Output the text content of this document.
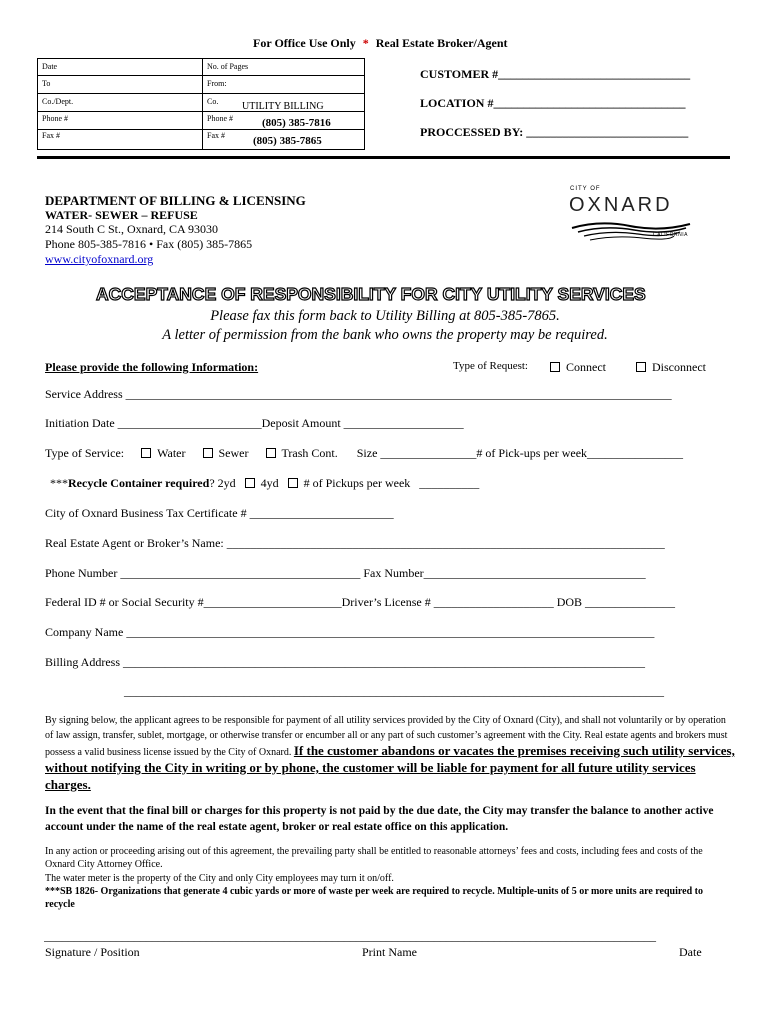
For Office Use Only * Real Estate Broker/Agent
Date	No. of Pages
To	From:
Co./Dept.	Co. UTILITY BILLING
Phone #	Phone #	(805) 385-7816
Fax #	Fax #	(805) 385-7865
CUSTOMER #________________________________
LOCATION #________________________________
PROCCESSED BY: ___________________________
DEPARTMENT OF BILLING & LICENSING
WATER- SEWER – REFUSE
214 South C St., Oxnard, CA 93030
Phone 805-385-7816 • Fax (805) 385-7865
www.cityofoxnard.org
CITY OF
OXNARD
CALIFORNIA
ACCEPTANCE OF RESPONSIBILITY FOR CITY UTILITY SERVICES
Please fax this form back to Utility Billing at 805-385-7865.
A letter of permission from the bank who owns the property may be required.
Please provide the following Information:	Type of Request:	Connect	Disconnect
Service Address ___________________________________________________________________________________________
Initiation Date ________________________Deposit Amount ____________________
Type of Service:	Water	Sewer	Trash Cont. Size ________________# of Pick-ups per week________________
***Recycle Container required? 2yd 4yd # of Pickups per week __________
City of Oxnard Business Tax Certificate # ________________________
Real Estate Agent or Broker’s Name: _________________________________________________________________________
Phone Number ________________________________________ Fax Number_____________________________________
Federal ID # or Social Security #_______________________Driver’s License # ____________________ DOB _______________
Company Name ________________________________________________________________________________________
Billing Address _______________________________________________________________________________________
__________________________________________________________________________________________
By signing below, the applicant agrees to be responsible for payment of all utility services provided by the City of Oxnard (City), and shall not voluntarily or by operation of law assign, transfer, sublet, mortgage, or otherwise transfer or encumber all or any part of such customer’s agreement with the City. Real estate agents and brokers must possess a valid business license issued by the City of Oxnard. If the customer abandons or vacates the premises receiving such utility services, without notifying the City in writing or by phone, the customer will be liable for payment for all future utility services charges.
In the event that the final bill or charges for this property is not paid by the due date, the City may transfer the balance to another active account under the name of the real estate agent, broker or real estate office on this application.
In any action or proceeding arising out of this agreement, the prevailing party shall be entitled to reasonable attorneys’ fees and costs, including fees and costs of the Oxnard City Attorney Office.
The water meter is the property of the City and only City employees may turn it on/off.
***SB 1826- Organizations that generate 4 cubic yards or more of waste per week are required to recycle. Multiple-units of 5 or more units are required to recycle
______________________________________________________________________________________________________
Signature / Position	Print Name	Date
